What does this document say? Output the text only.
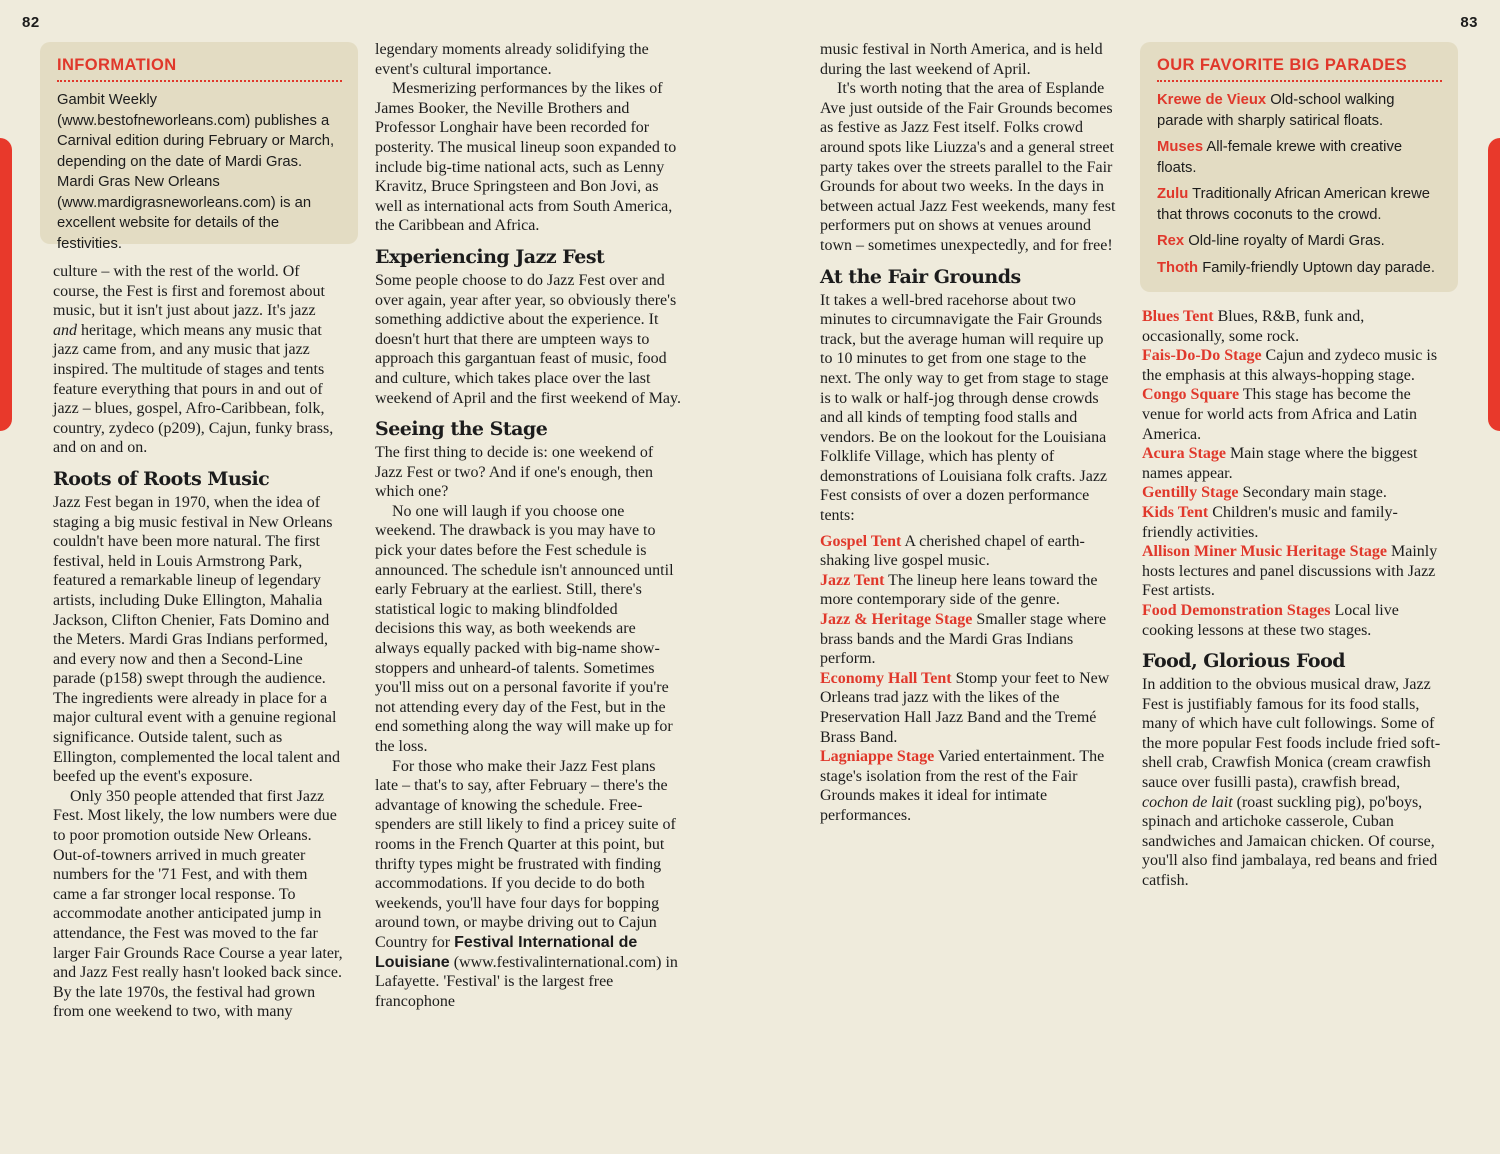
82	83
INFORMATION
Gambit Weekly (www.bestofneworleans.com) publishes a Carnival edition during February or March, depending on the date of Mardi Gras. Mardi Gras New Orleans (www.mardigrasneworleans.com) is an excellent website for details of the festivities.

culture – with the rest of the world. Of course, the Fest is first and foremost about music, but it isn't just about jazz. It's jazz and heritage, which means any music that jazz came from, and any music that jazz inspired. The multitude of stages and tents feature everything that pours in and out of jazz – blues, gospel, Afro-Caribbean, folk, country, zydeco (p209), Cajun, funky brass, and on and on.

Roots of Roots Music

Jazz Fest began in 1970, when the idea of staging a big music festival in New Orleans couldn't have been more natural. The first festival, held in Louis Armstrong Park, featured a remarkable lineup of legendary artists, including Duke Ellington, Mahalia Jackson, Clifton Chenier, Fats Domino and the Meters. Mardi Gras Indians performed, and every now and then a Second-Line parade (p158) swept through the audience. The ingredients were already in place for a major cultural event with a genuine regional significance. Outside talent, such as Ellington, complemented the local talent and beefed up the event's exposure.

Only 350 people attended that first Jazz Fest. Most likely, the low numbers were due to poor promotion outside New Orleans. Out-of-towners arrived in much greater numbers for the '71 Fest, and with them came a far stronger local response. To accommodate another anticipated jump in attendance, the Fest was moved to the far larger Fair Grounds Race Course a year later, and Jazz Fest really hasn't looked back since. By the late 1970s, the festival had grown from one weekend to two, with many

legendary moments already solidifying the event's cultural importance.

Mesmerizing performances by the likes of James Booker, the Neville Brothers and Professor Longhair have been recorded for posterity. The musical lineup soon expanded to include big-time national acts, such as Lenny Kravitz, Bruce Springsteen and Bon Jovi, as well as international acts from South America, the Caribbean and Africa.

Experiencing Jazz Fest

Some people choose to do Jazz Fest over and over again, year after year, so obviously there's something addictive about the experience. It doesn't hurt that there are umpteen ways to approach this gargantuan feast of music, food and culture, which takes place over the last weekend of April and the first weekend of May.

Seeing the Stage

The first thing to decide is: one weekend of Jazz Fest or two? And if one's enough, then which one?

No one will laugh if you choose one weekend. The drawback is you may have to pick your dates before the Fest schedule is announced. The schedule isn't announced until early February at the earliest. Still, there's statistical logic to making blindfolded decisions this way, as both weekends are always equally packed with big-name show-stoppers and unheard-of talents. Sometimes you'll miss out on a personal favorite if you're not attending every day of the Fest, but in the end something along the way will make up for the loss.

For those who make their Jazz Fest plans late – that's to say, after February – there's the advantage of knowing the schedule. Free-spenders are still likely to find a pricey suite of rooms in the French Quarter at this point, but thrifty types might be frustrated with finding accommodations. If you decide to do both weekends, you'll have four days for bopping around town, or maybe driving out to Cajun Country for Festival International de Louisiane (www.festivalinternational.com) in Lafayette. 'Festival' is the largest free francophone

music festival in North America, and is held during the last weekend of April.

It's worth noting that the area of Esplande Ave just outside of the Fair Grounds becomes as festive as Jazz Fest itself. Folks crowd around spots like Liuzza's and a general street party takes over the streets parallel to the Fair Grounds for about two weeks. In the days in between actual Jazz Fest weekends, many fest performers put on shows at venues around town – sometimes unexpectedly, and for free!

At the Fair Grounds

It takes a well-bred racehorse about two minutes to circumnavigate the Fair Grounds track, but the average human will require up to 10 minutes to get from one stage to the next. The only way to get from stage to stage is to walk or half-jog through dense crowds and all kinds of tempting food stalls and vendors. Be on the lookout for the Louisiana Folklife Village, which has plenty of demonstrations of Louisiana folk crafts. Jazz Fest consists of over a dozen performance tents:

Gospel Tent A cherished chapel of earth-shaking live gospel music.

Jazz Tent The lineup here leans toward the more contemporary side of the genre.

Jazz & Heritage Stage Smaller stage where brass bands and the Mardi Gras Indians perform.

Economy Hall Tent Stomp your feet to New Orleans trad jazz with the likes of the Preservation Hall Jazz Band and the Tremé Brass Band.

Lagniappe Stage Varied entertainment. The stage's isolation from the rest of the Fair Grounds makes it ideal for intimate performances.

OUR FAVORITE BIG PARADES
Krewe de Vieux Old-school walking parade with sharply satirical floats.
Muses All-female krewe with creative floats.
Zulu Traditionally African American krewe that throws coconuts to the crowd.
Rex Old-line royalty of Mardi Gras.
Thoth Family-friendly Uptown day parade.

Blues Tent Blues, R&B, funk and, occasionally, some rock.

Fais-Do-Do Stage Cajun and zydeco music is the emphasis at this always-hopping stage.

Congo Square This stage has become the venue for world acts from Africa and Latin America.

Acura Stage Main stage where the biggest names appear.

Gentilly Stage Secondary main stage.

Kids Tent Children's music and family-friendly activities.

Allison Miner Music Heritage Stage Mainly hosts lectures and panel discussions with Jazz Fest artists.

Food Demonstration Stages Local live cooking lessons at these two stages.

Food, Glorious Food

In addition to the obvious musical draw, Jazz Fest is justifiably famous for its food stalls, many of which have cult followings. Some of the more popular Fest foods include fried soft-shell crab, Crawfish Monica (cream crawfish sauce over fusilli pasta), crawfish bread, cochon de lait (roast suckling pig), po'boys, spinach and artichoke casserole, Cuban sandwiches and Jamaican chicken. Of course, you'll also find jambalaya, red beans and fried catfish.
